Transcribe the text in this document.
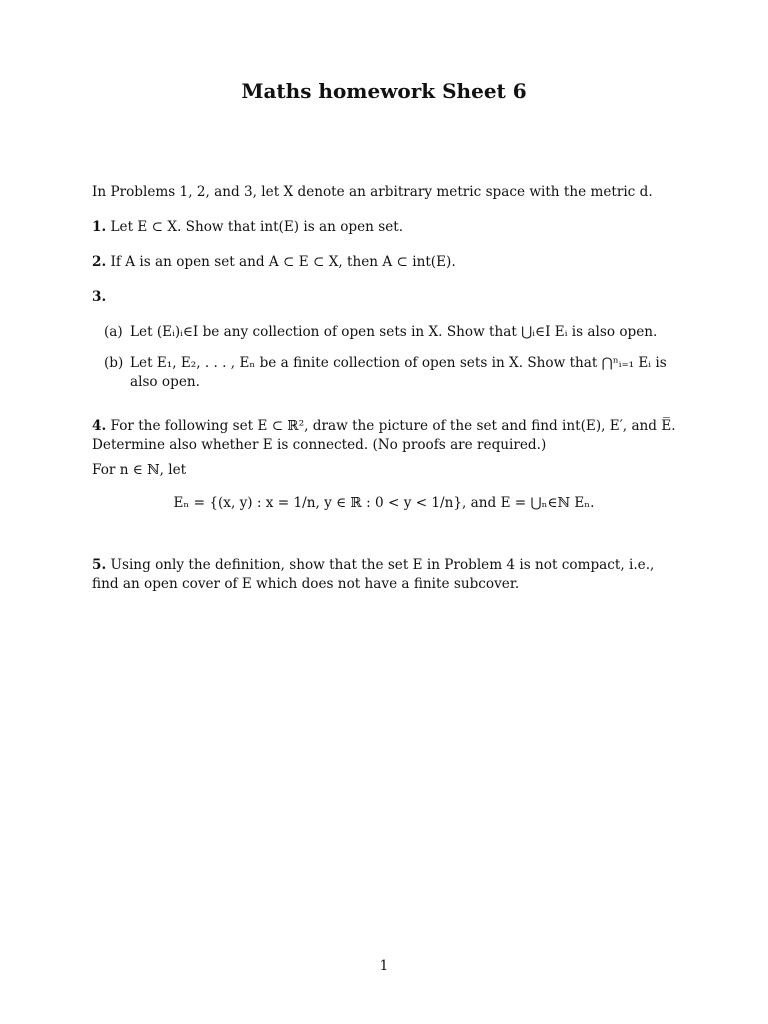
Maths homework Sheet 6
In Problems 1, 2, and 3, let X denote an arbitrary metric space with the metric d.
1. Let E ⊂ X. Show that int(E) is an open set.
2. If A is an open set and A ⊂ E ⊂ X, then A ⊂ int(E).
3.
(a) Let (Eᵢ)ᵢ∈I be any collection of open sets in X. Show that ⋃ᵢ∈I Eᵢ is also open.
(b) Let E₁, E₂, . . . , Eₙ be a finite collection of open sets in X. Show that ⋂ⁿᵢ₌₁ Eᵢ is also open.
4. For the following set E ⊂ ℝ², draw the picture of the set and find int(E), E′, and E̅. Determine also whether E is connected. (No proofs are required.)
For n ∈ ℕ, let
Eₙ = {(x, y) : x = 1/n, y ∈ ℝ : 0 < y < 1/n}, and E = ⋃ₙ∈ℕ Eₙ.
5. Using only the definition, show that the set E in Problem 4 is not compact, i.e., find an open cover of E which does not have a finite subcover.
1
